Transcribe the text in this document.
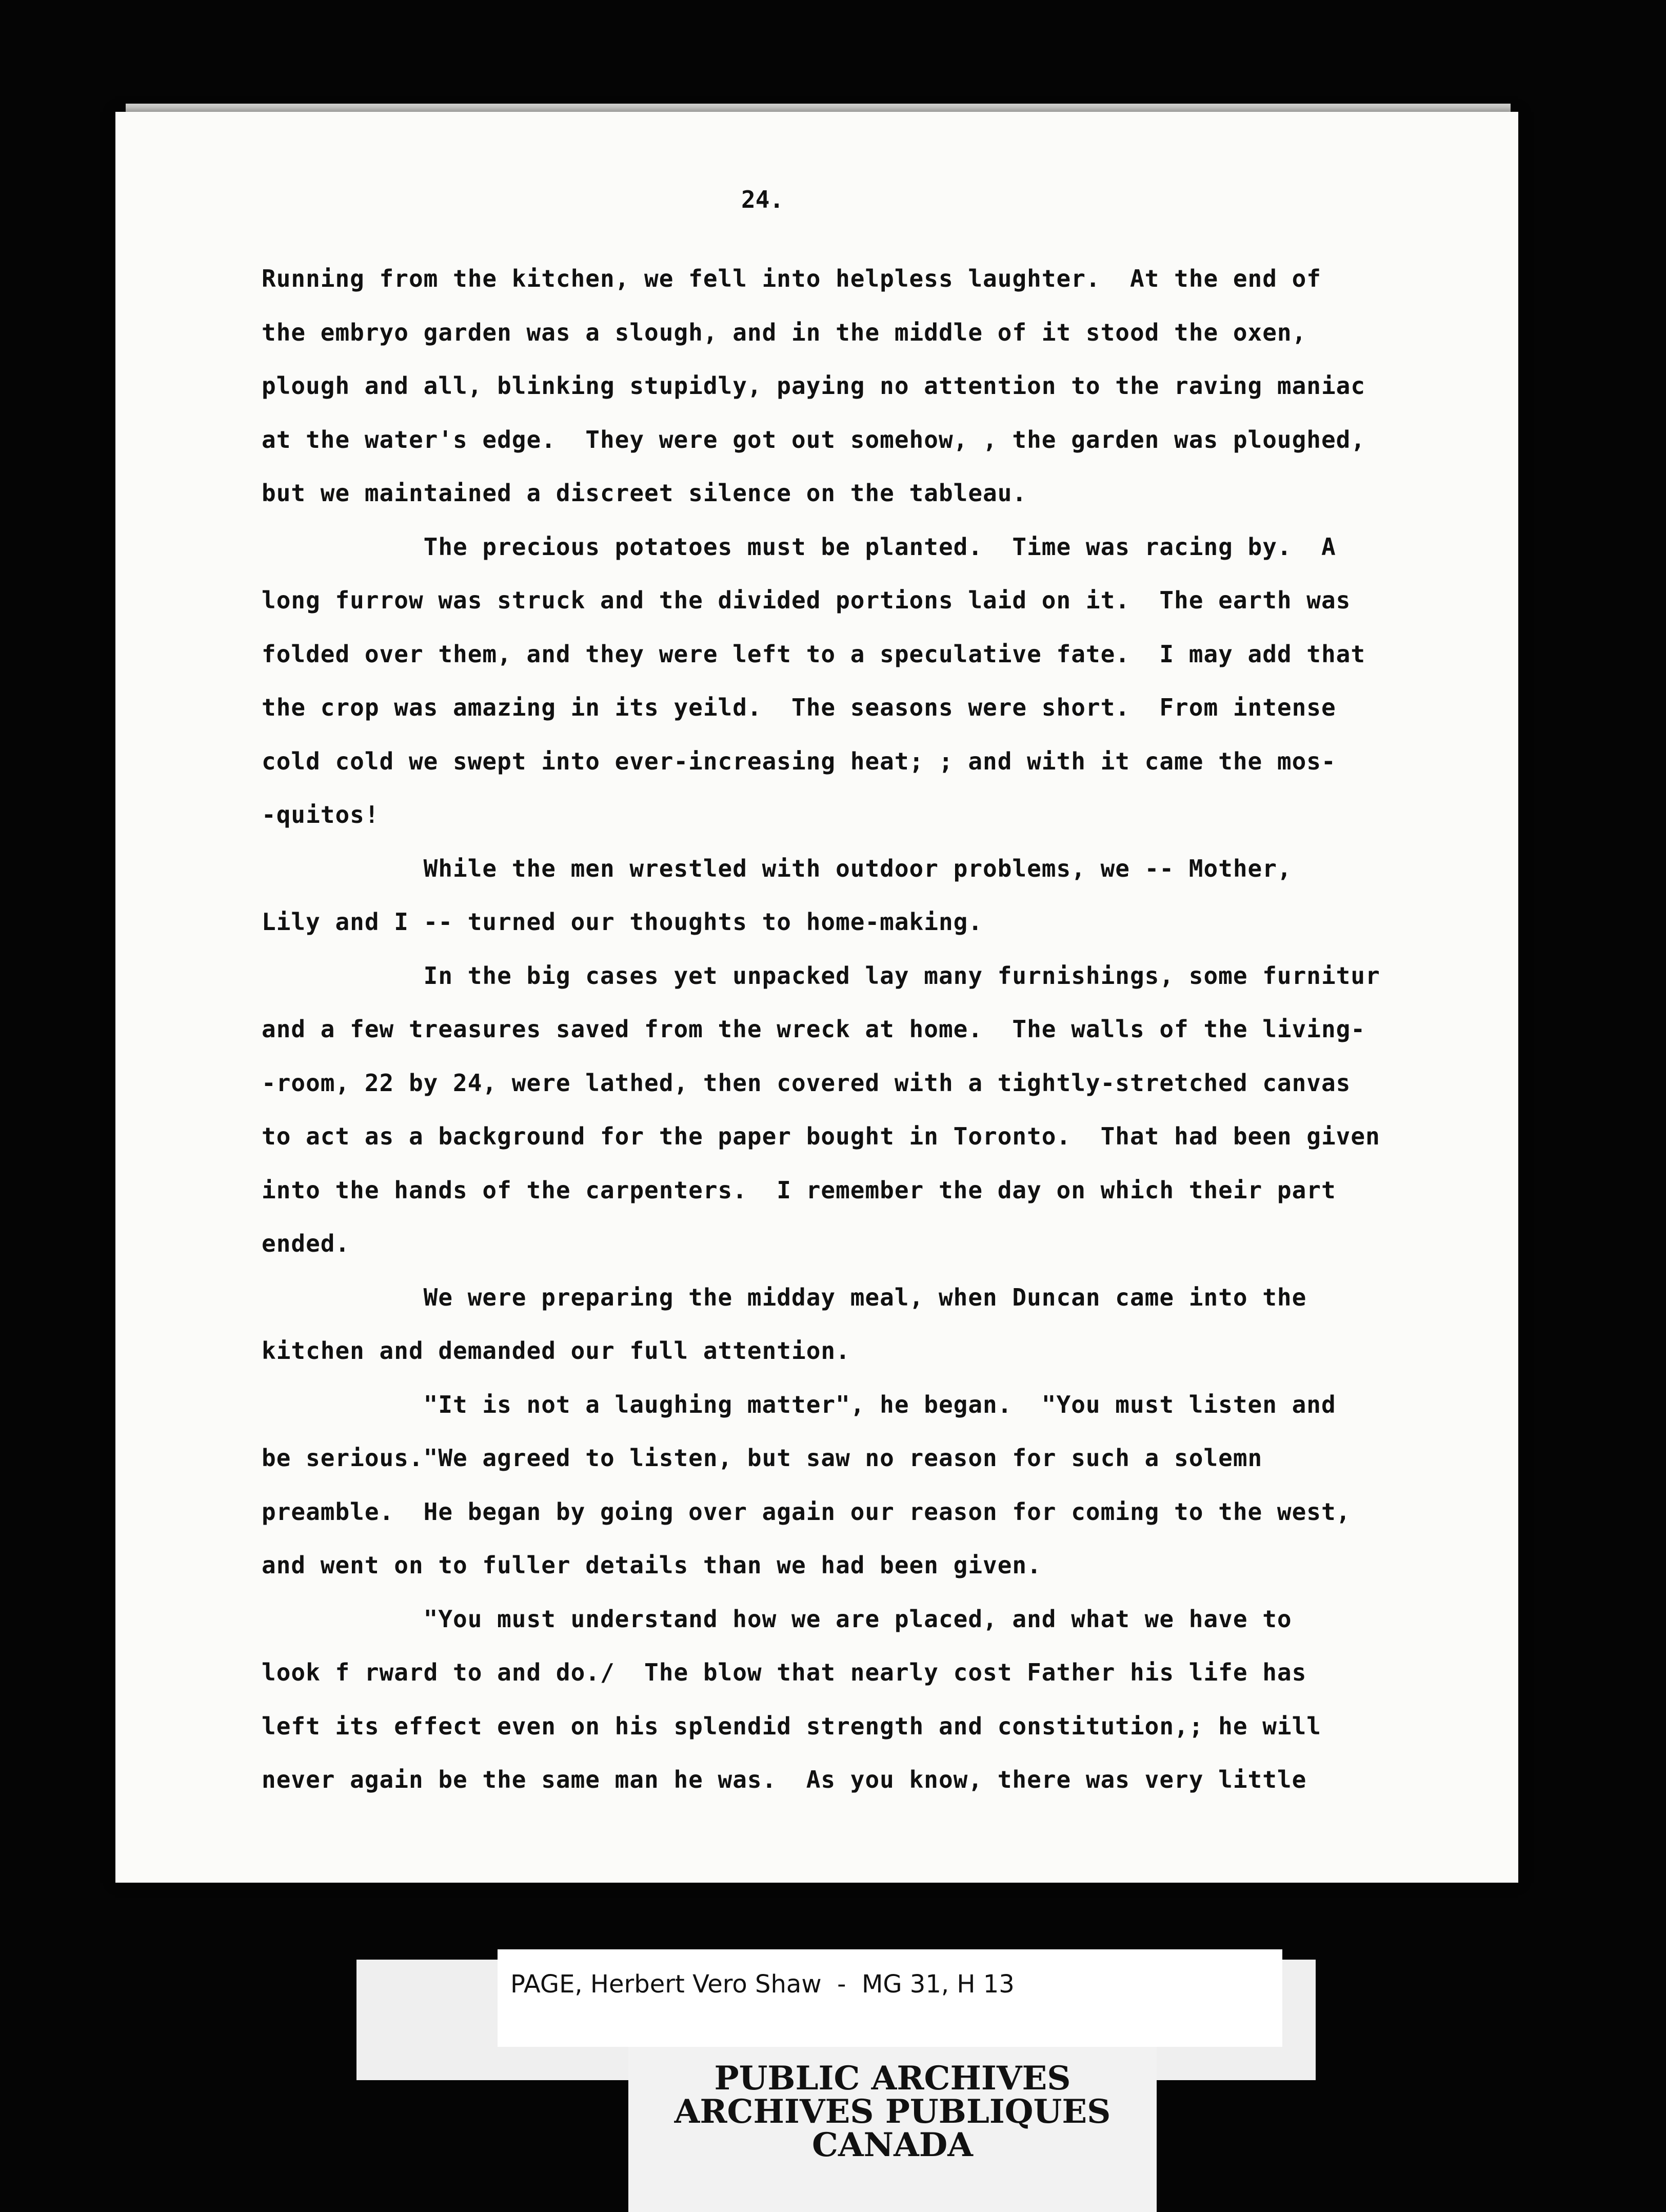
24.
Running from the kitchen, we fell into helpless laughter.  At the end of
the embryo garden was a slough, and in the middle of it stood the oxen,
plough and all, blinking stupidly, paying no attention to the raving maniac
at the water's edge.  They were got out somehow, , the garden was ploughed,
but we maintained a discreet silence on the tableau.
The precious potatoes must be planted.  Time was racing by.  A
long furrow was struck and the divided portions laid on it.  The earth was
folded over them, and they were left to a speculative fate.  I may add that
the crop was amazing in its yeild.  The seasons were short.  From intense
cold cold we swept into ever-increasing heat; ; and with it came the mos-
-quitos!
While the men wrestled with outdoor problems, we -- Mother,
Lily and I -- turned our thoughts to home-making.
In the big cases yet unpacked lay many furnishings, some furnitur
and a few treasures saved from the wreck at home.  The walls of the living-
-room, 22 by 24, were lathed, then covered with a tightly-stretched canvas
to act as a background for the paper bought in Toronto.  That had been given
into the hands of the carpenters.  I remember the day on which their part
ended.
We were preparing the midday meal, when Duncan came into the
kitchen and demanded our full attention.
"It is not a laughing matter", he began.  "You must listen and
be serious."We agreed to listen, but saw no reason for such a solemn
preamble.  He began by going over again our reason for coming to the west,
and went on to fuller details than we had been given.
"You must understand how we are placed, and what we have to
look f rward to and do./  The blow that nearly cost Father his life has
left its effect even on his splendid strength and constitution,; he will
never again be the same man he was.  As you know, there was very little
PAGE, Herbert Vero Shaw  -  MG 31, H 13
PUBLIC ARCHIVES
ARCHIVES PUBLIQUES
CANADA
